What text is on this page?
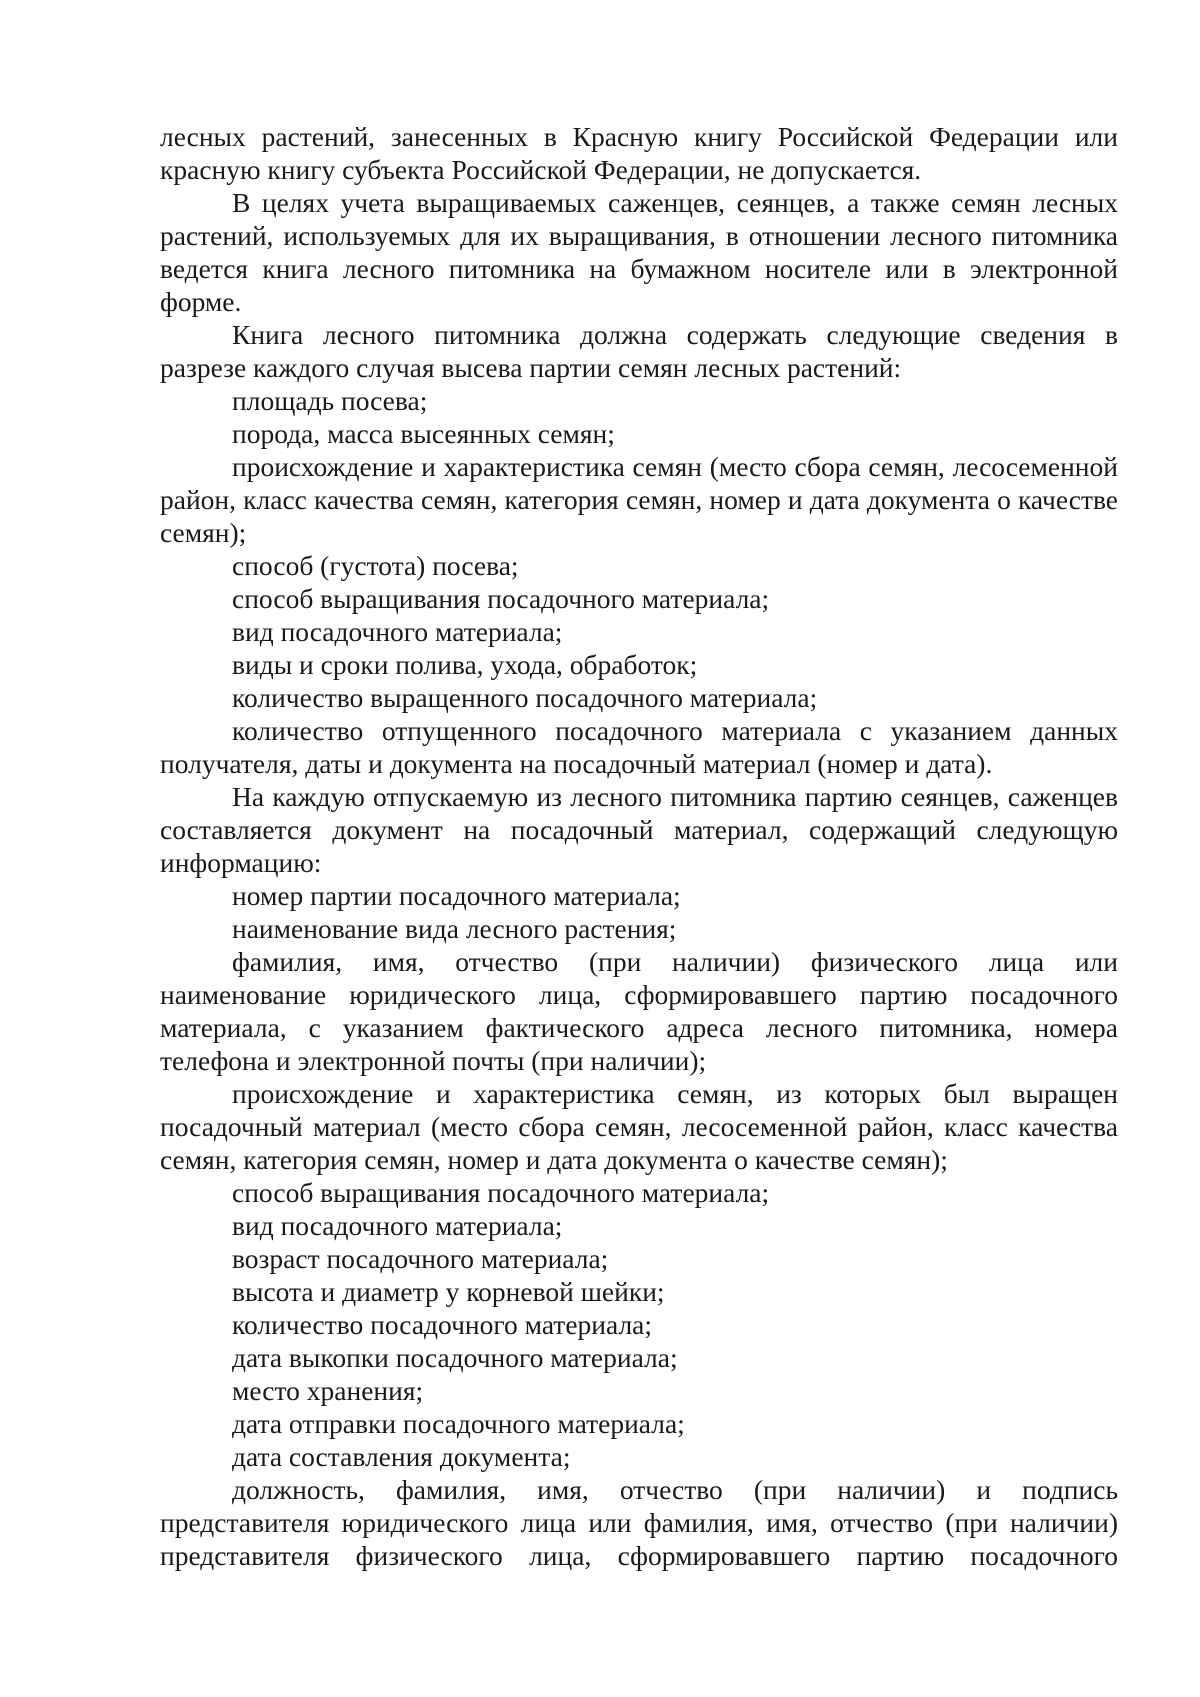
лесных растений, занесенных в Красную книгу Российской Федерации или красную книгу субъекта Российской Федерации, не допускается.

В целях учета выращиваемых саженцев, сеянцев, а также семян лесных растений, используемых для их выращивания, в отношении лесного питомника ведется книга лесного питомника на бумажном носителе или в электронной форме.

Книга лесного питомника должна содержать следующие сведения в разрезе каждого случая высева партии семян лесных растений:

площадь посева;

порода, масса высеянных семян;

происхождение и характеристика семян (место сбора семян, лесосеменной район, класс качества семян, категория семян, номер и дата документа о качестве семян);

способ (густота) посева;

способ выращивания посадочного материала;

вид посадочного материала;

виды и сроки полива, ухода, обработок;

количество выращенного посадочного материала;

количество отпущенного посадочного материала с указанием данных получателя, даты и документа на посадочный материал (номер и дата).

На каждую отпускаемую из лесного питомника партию сеянцев, саженцев составляется документ на посадочный материал, содержащий следующую информацию:

номер партии посадочного материала;

наименование вида лесного растения;

фамилия, имя, отчество (при наличии) физического лица или наименование юридического лица, сформировавшего партию посадочного материала, с указанием фактического адреса лесного питомника, номера телефона и электронной почты (при наличии);

происхождение и характеристика семян, из которых был выращен посадочный материал (место сбора семян, лесосеменной район, класс качества семян, категория семян, номер и дата документа о качестве семян);

способ выращивания посадочного материала;

вид посадочного материала;

возраст посадочного материала;

высота и диаметр у корневой шейки;

количество посадочного материала;

дата выкопки посадочного материала;

место хранения;

дата отправки посадочного материала;

дата составления документа;

должность, фамилия, имя, отчество (при наличии) и подпись представителя юридического лица или фамилия, имя, отчество (при наличии) представителя физического лица, сформировавшего партию посадочного
